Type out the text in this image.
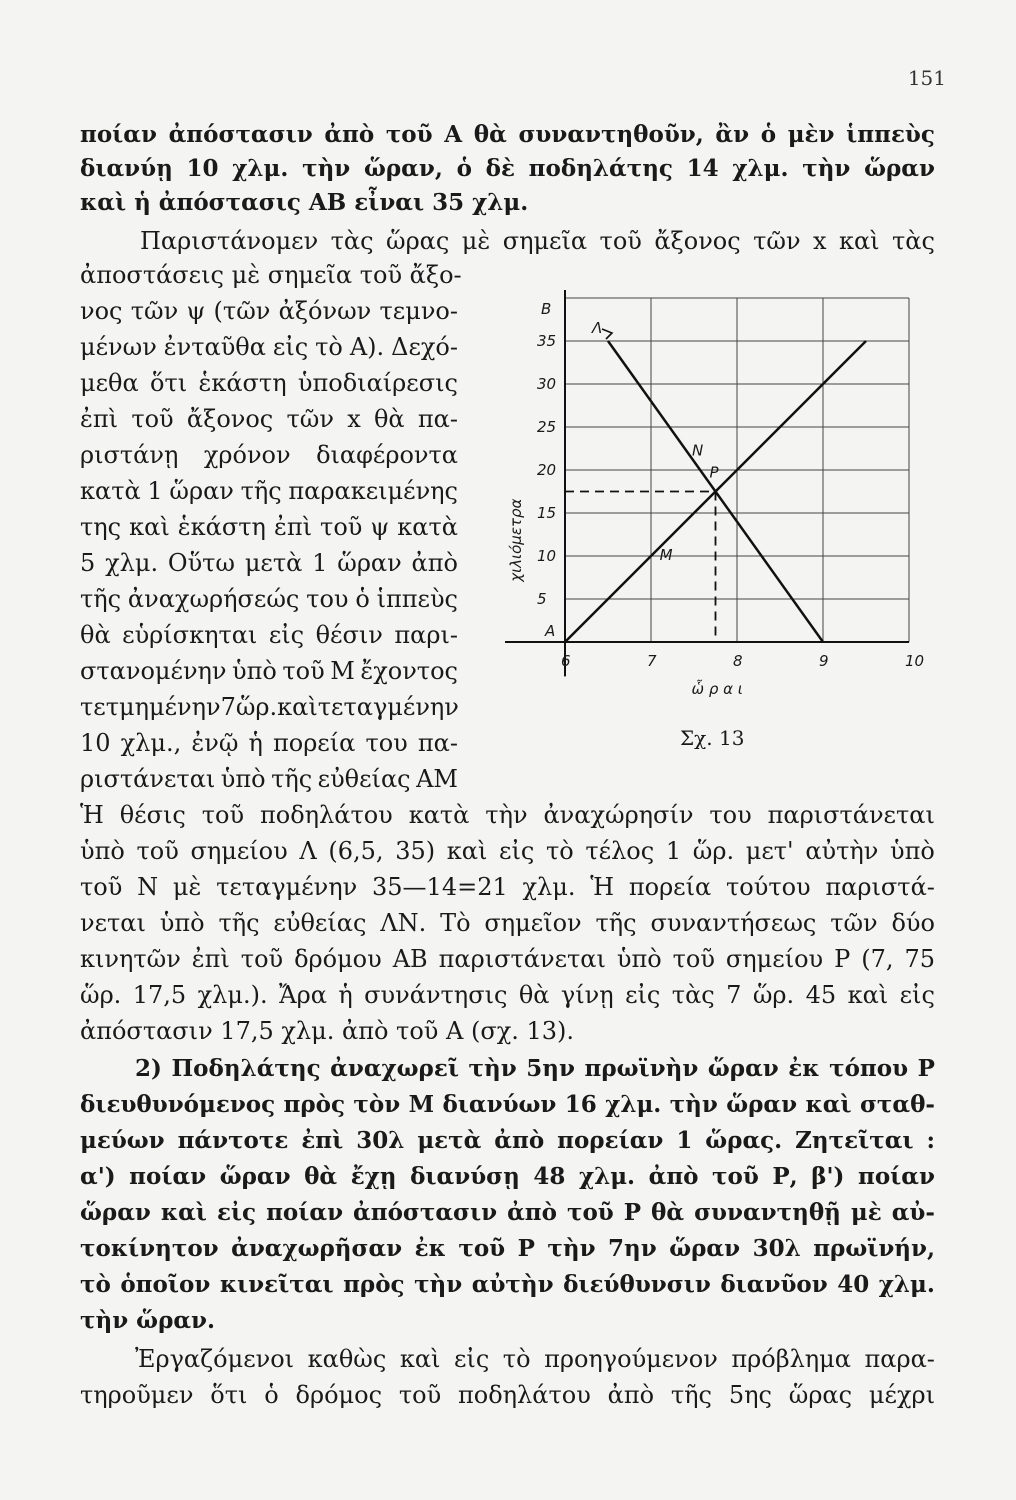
151
ποίαν ἀπόστασιν ἀπὸ τοῦ Α θὰ συναντηθοῦν, ἂν ὁ μὲν ἱππεὺς
διανύῃ 10 χλμ. τὴν ὥραν, ὁ δὲ ποδηλάτης 14 χλμ. τὴν ὥραν
καὶ ἡ ἀπόστασις ΑΒ εἶναι 35 χλμ.
Παριστάνομεν τὰς ὥρας μὲ σημεῖα τοῦ ἄξονος τῶν x καὶ τὰς
ἀποστάσεις μὲ σημεῖα τοῦ ἄξο-
νος τῶν ψ (τῶν ἀξόνων τεμνο-
μένων ἐνταῦθα εἰς τὸ Α). Δεχό-
μεθα ὅτι ἑκάστη ὑποδιαίρεσις
ἐπὶ τοῦ ἄξονος τῶν x θὰ πα-
ριστάνῃ χρόνον διαφέροντα
κατὰ 1 ὥραν τῆς παρακειμένης
της καὶ ἑκάστη ἐπὶ τοῦ ψ κατὰ
5 χλμ. Οὕτω μετὰ 1 ὥραν ἀπὸ
τῆς ἀναχωρήσεώς του ὁ ἱππεὺς
θὰ εὑρίσκηται εἰς θέσιν παρι-
στανομένην ὑπὸ τοῦ Μ ἔχοντος
τετμημένην 7ὥρ. καὶ τεταγμένην
10 χλμ., ἐνῷ ἡ πορεία του πα-
ριστάνεται ὑπὸ τῆς εὐθείας ΑΜ
Ἡ θέσις τοῦ ποδηλάτου κατὰ τὴν ἀναχώρησίν του παριστάνεται
ὑπὸ τοῦ σημείου Λ (6,5, 35) καὶ εἰς τὸ τέλος 1 ὥρ. μετ' αὐτὴν ὑπὸ
τοῦ Ν μὲ τεταγμένην 35—14=21 χλμ. Ἡ πορεία τούτου παριστά-
νεται ὑπὸ τῆς εὐθείας ΛΝ. Τὸ σημεῖον τῆς συναντήσεως τῶν δύο
κινητῶν ἐπὶ τοῦ δρόμου ΑΒ παριστάνεται ὑπὸ τοῦ σημείου Ρ (7, 75
ὥρ. 17,5 χλμ.). Ἄρα ἡ συνάντησις θὰ γίνῃ εἰς τὰς 7 ὥρ. 45 καὶ εἰς
ἀπόστασιν 17,5 χλμ. ἀπὸ τοῦ Α (σχ. 13).
2) Ποδηλάτης ἀναχωρεῖ τὴν 5ην πρωϊνὴν ὥραν ἐκ τόπου Ρ
διευθυνόμενος πρὸς τὸν Μ διανύων 16 χλμ. τὴν ὥραν καὶ σταθ-
μεύων πάντοτε ἐπὶ 30λ μετὰ ἀπὸ πορείαν 1 ὥρας. Ζητεῖται :
α') ποίαν ὥραν θὰ ἔχῃ διανύσῃ 48 χλμ. ἀπὸ τοῦ Ρ, β') ποίαν
ὥραν καὶ εἰς ποίαν ἀπόστασιν ἀπὸ τοῦ Ρ θὰ συναντηθῇ μὲ αὐ-
τοκίνητον ἀναχωρῆσαν ἐκ τοῦ Ρ τὴν 7ην ὥραν 30λ πρωϊνήν,
τὸ ὁποῖον κινεῖται πρὸς τὴν αὐτὴν διεύθυνσιν διανῦον 40 χλμ.
τὴν ὥραν.
Ἐργαζόμενοι καθὼς καὶ εἰς τὸ προηγούμενον πρόβλημα παρα-
τηροῦμεν ὅτι ὁ δρόμος τοῦ ποδηλάτου ἀπὸ τῆς 5ης ὥρας μέχρι
5
10
15
20
25
30
35
6	7	8	9	10
Β
Α
Λ
Ν
Ρ
Μ
χιλιόμετρα
ὧ ρ α ι
Σχ. 13
